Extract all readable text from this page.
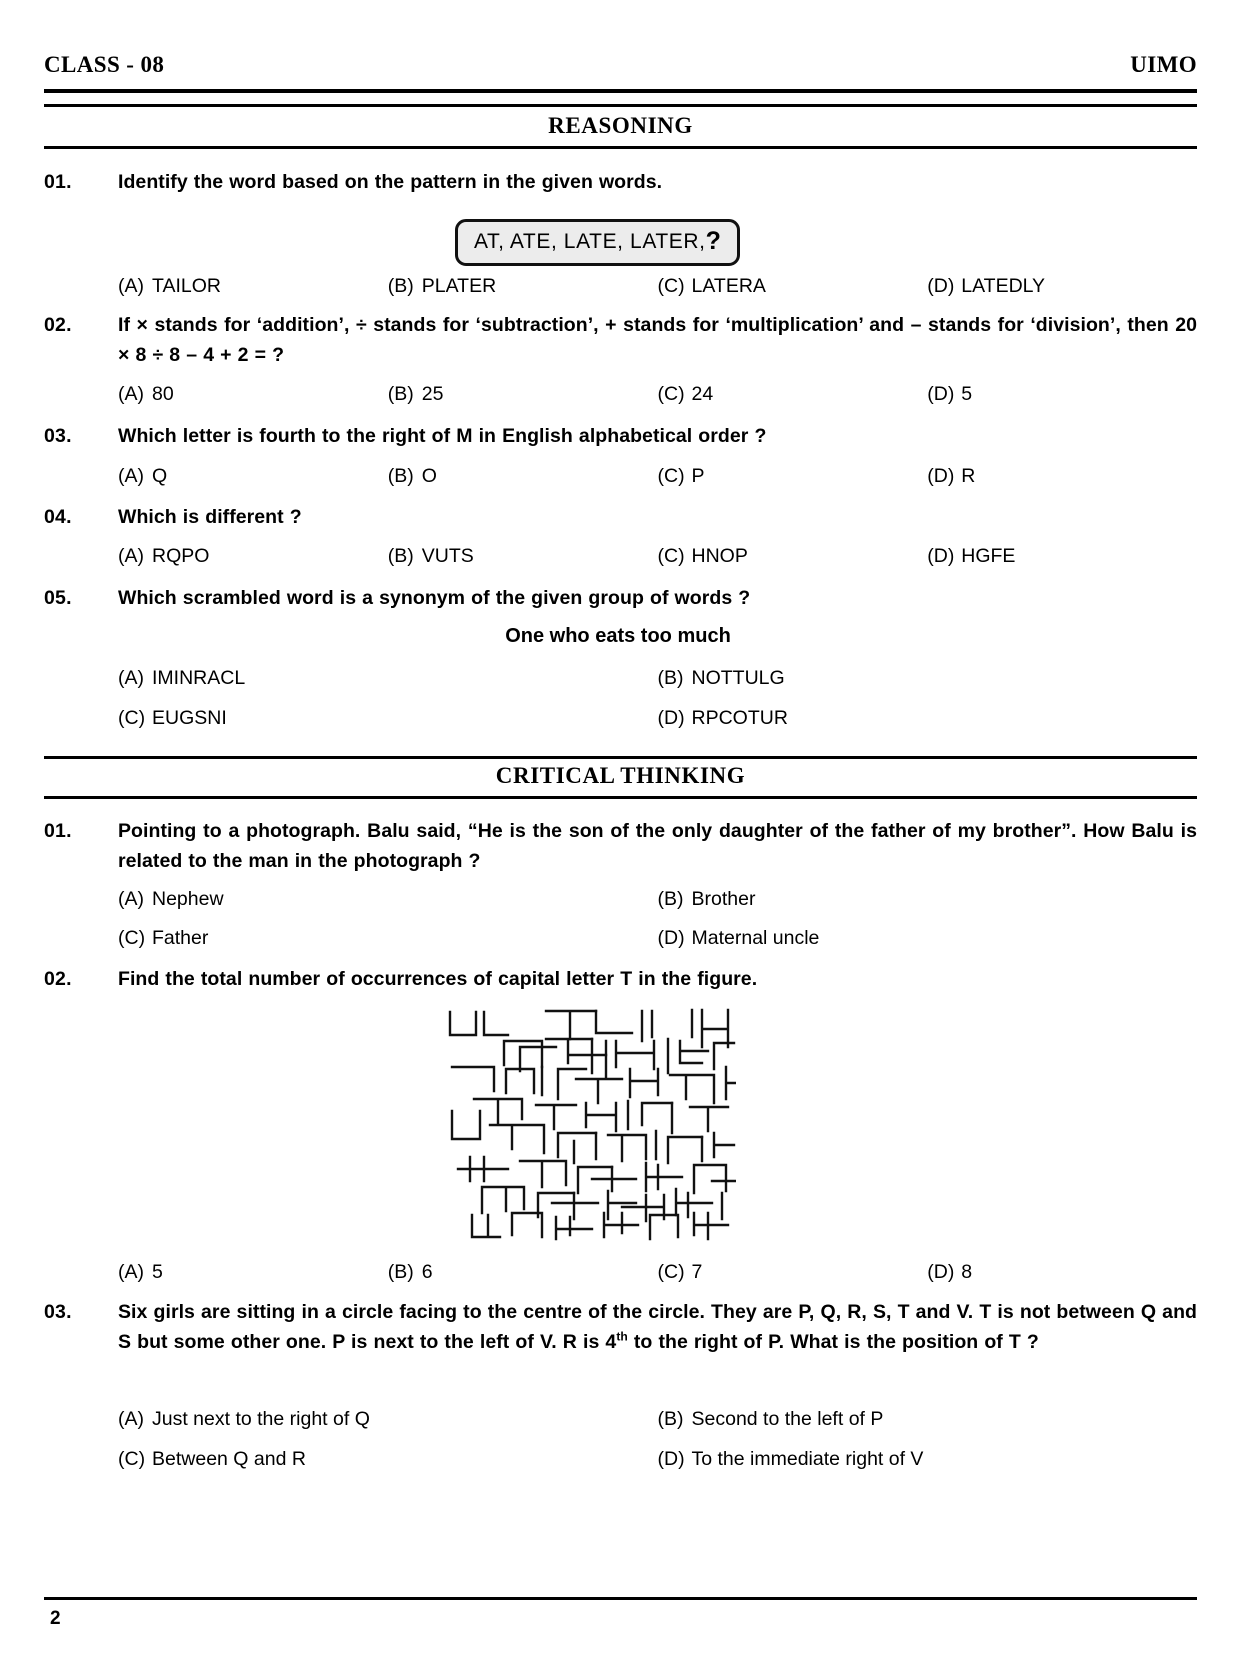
CLASS - 08	UIMO
REASONING
01.	Identify the word based on the pattern in the given words.
AT, ATE, LATE, LATER,?
(A) TAILOR	(B) PLATER	(C) LATERA	(D) LATEDLY
02.	If × stands for ‘addition’, ÷ stands for ‘subtraction’, + stands for ‘multiplication’ and – stands for ‘division’, then 20 × 8 ÷ 8 – 4 + 2 = ?
(A) 80	(B) 25	(C) 24	(D) 5
03.	Which letter is fourth to the right of M in English alphabetical order ?
(A) Q	(B) O	(C) P	(D) R
04.	Which is different ?
(A) RQPO	(B) VUTS	(C) HNOP	(D) HGFE
05.	Which scrambled word is a synonym of the given group of words ?
One who eats too much
(A) IMINRACL	(B) NOTTULG
(C) EUGSNI	(D) RPCOTUR
CRITICAL THINKING
01.	Pointing to a photograph. Balu said, “He is the son of the only daughter of the father of my brother”. How Balu is related to the man in the photograph ?
(A) Nephew	(B) Brother
(C) Father	(D) Maternal uncle
02.	Find the total number of occurrences of capital letter T in the figure.
(A) 5	(B) 6	(C) 7	(D) 8
03.	Six girls are sitting in a circle facing to the centre of the circle. They are P, Q, R, S, T and V. T is not between Q and S but some other one. P is next to the left of V. R is 4th to the right of P. What is the position of T ?
(A) Just next to the right of Q	(B) Second to the left of P
(C) Between Q and R	(D) To the immediate right of V
2
